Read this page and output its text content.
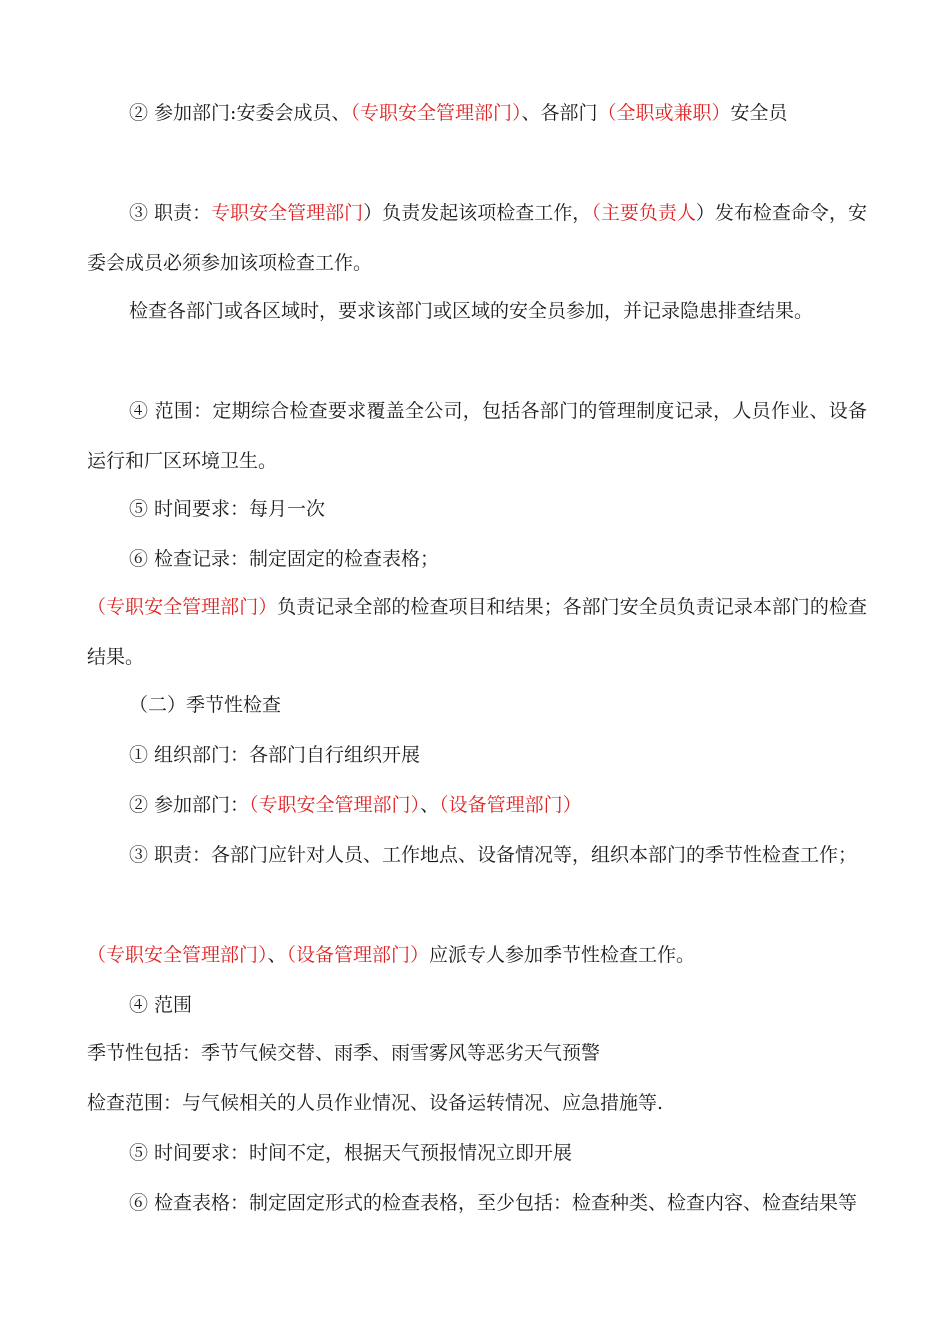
② 参加部门:安委会成员、（专职安全管理部门）、各部门（全职或兼职）安全员

③ 职责：专职安全管理部门）负责发起该项检查工作，（主要负责人）发布检查命令，安委会成员必须参加该项检查工作。

检查各部门或各区域时，要求该部门或区域的安全员参加，并记录隐患排查结果。

④ 范围：定期综合检查要求覆盖全公司，包括各部门的管理制度记录，人员作业、设备运行和厂区环境卫生。

⑤ 时间要求：每月一次

⑥ 检查记录：制定固定的检查表格；

（专职安全管理部门）负责记录全部的检查项目和结果；各部门安全员负责记录本部门的检查结果。

（二）季节性检查

① 组织部门：各部门自行组织开展

② 参加部门：（专职安全管理部门）、（设备管理部门）

③ 职责：各部门应针对人员、工作地点、设备情况等，组织本部门的季节性检查工作；

（专职安全管理部门）、（设备管理部门）应派专人参加季节性检查工作。

④ 范围

季节性包括：季节气候交替、雨季、雨雪雾风等恶劣天气预警

检查范围：与气候相关的人员作业情况、设备运转情况、应急措施等.

⑤ 时间要求：时间不定，根据天气预报情况立即开展

⑥ 检查表格：制定固定形式的检查表格，至少包括：检查种类、检查内容、检查结果等
